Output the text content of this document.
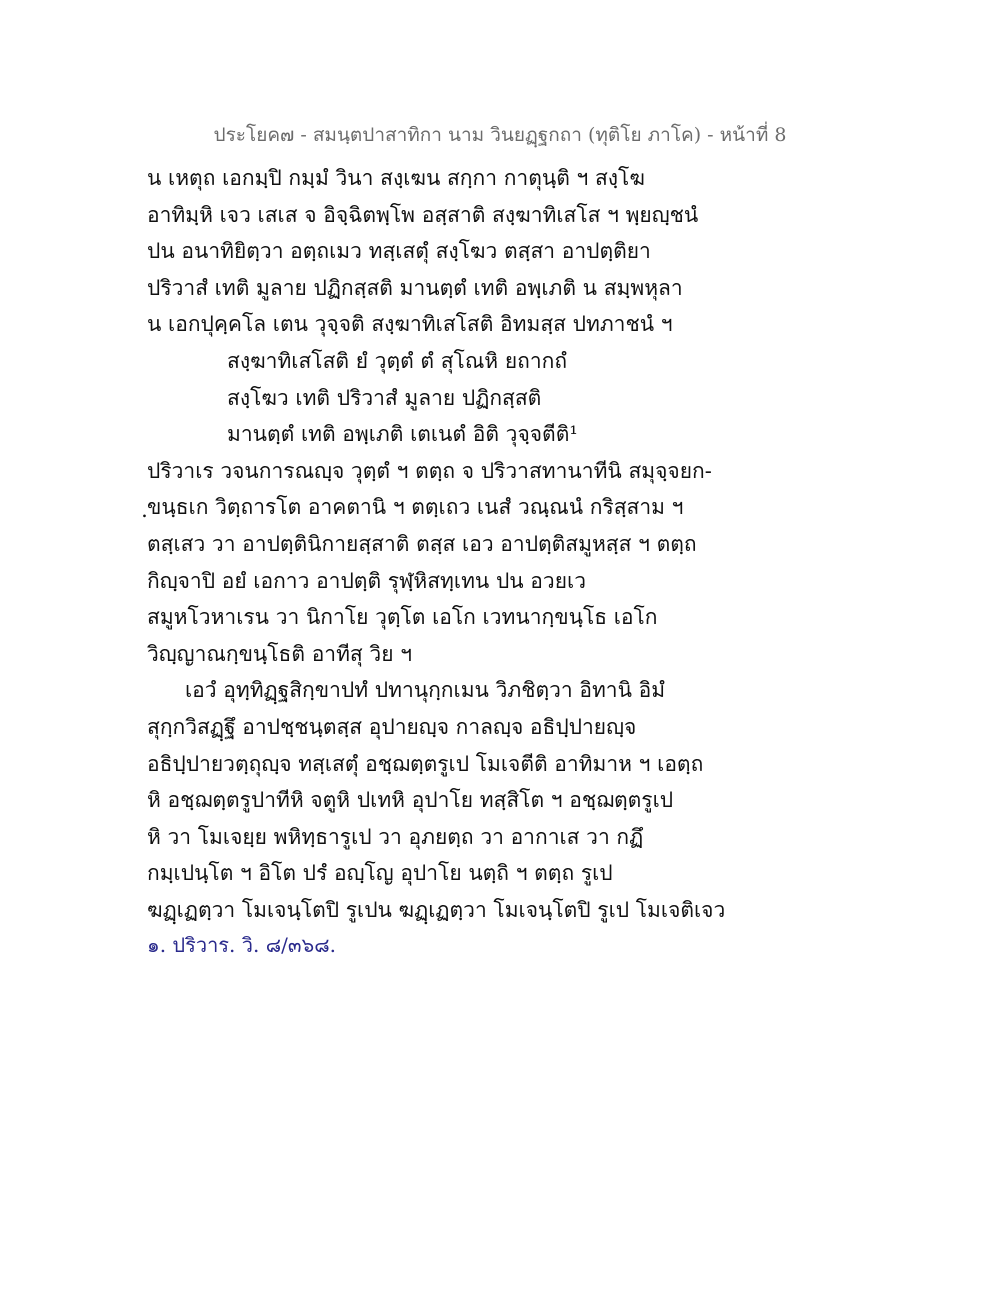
ประโยค๗ - สมนฺตปาสาทิกา นาม วินยฏฺฐกถา (ทุติโย ภาโค) - หน้าที่ 8
น เหตุถ เอกมฺปิ กมฺมํ วินา สงฺเฆน สกฺกา กาตุนฺติ ฯ สงฺโฆ
อาทิมฺหิ เจว เสเส จ อิจฺฉิตพฺโพ อสฺสาติ สงฺฆาทิเสโส ฯ พฺยญฺชนํ
ปน อนาทิยิตฺวา อตฺถเมว ทสฺเสตุํ สงฺโฆว ตสฺสา อาปตฺติยา
ปริวาสํ เทติ มูลาย ปฏิกสฺสติ มานตฺตํ เทติ อพฺเภติ น สมฺพหุลา
น เอกปุคฺคโล เตน วุจฺจติ สงฺฆาทิเสโสติ อิทมสฺส ปทภาชนํ ฯ
สงฺฆาทิเสโสติ ยํ วุตฺตํ ตํ สุโณหิ ยถากถํ
สงฺโฆว เทติ ปริวาสํ มูลาย ปฏิกสฺสติ
มานตฺตํ เทติ อพฺเภติ เตเนตํ อิติ วุจฺจตีติ¹
ปริวาเร วจนการณญฺจ วุตฺตํ ฯ ตตฺถ จ ปริวาสทานาทีนิ สมุจฺจยก-
ฺขนฺธเก วิตฺถารโต อาคตานิ ฯ ตตฺเถว เนสํ วณฺณนํ กริสฺสาม ฯ
ตสฺเสว วา อาปตฺตินิกายสฺสาติ ตสฺส เอว อาปตฺติสมูหสฺส ฯ ตตฺถ
กิญฺจาปิ อยํ เอกาว อาปตฺติ รุฬฺหิสทฺเทน ปน อวยเว
สมูหโวหาเรน วา นิกาโย วุตฺโต เอโก เวทนากฺขนฺโธ เอโก
วิญฺญาณกฺขนฺโธติ อาทีสุ วิย ฯ
เอวํ อุทฺทิฏฺฐสิกฺขาปทํ ปทานุกฺกเมน วิภชิตฺวา อิทานิ อิมํ
สุกฺกวิสฏฺฐึ อาปชฺชนฺตสฺส อุปายญฺจ กาลญฺจ อธิปฺปายญฺจ
อธิปฺปายวตฺถุญฺจ ทสฺเสตุํ อชฺฌตฺตรูเป โมเจตีติ อาทิมาห ฯ เอตฺถ
หิ อชฺฌตฺตรูปาทีหิ จตูหิ ปเทหิ อุปาโย ทสฺสิโต ฯ อชฺฌตฺตรูเป
หิ วา โมเจยฺย พหิทฺธารูเป วา อุภยตฺถ วา อากาเส วา กฏึ
กมฺเปนฺโต ฯ อิโต ปรํ อญฺโญ อุปาโย นตฺถิ ฯ ตตฺถ รูเป
ฆฏฺเฏตฺวา โมเจนฺโตปิ รูเปน ฆฏฺเฏตฺวา โมเจนฺโตปิ รูเป โมเจติเจว
๑. ปริวาร. วิ. ๘/๓๖๘.
